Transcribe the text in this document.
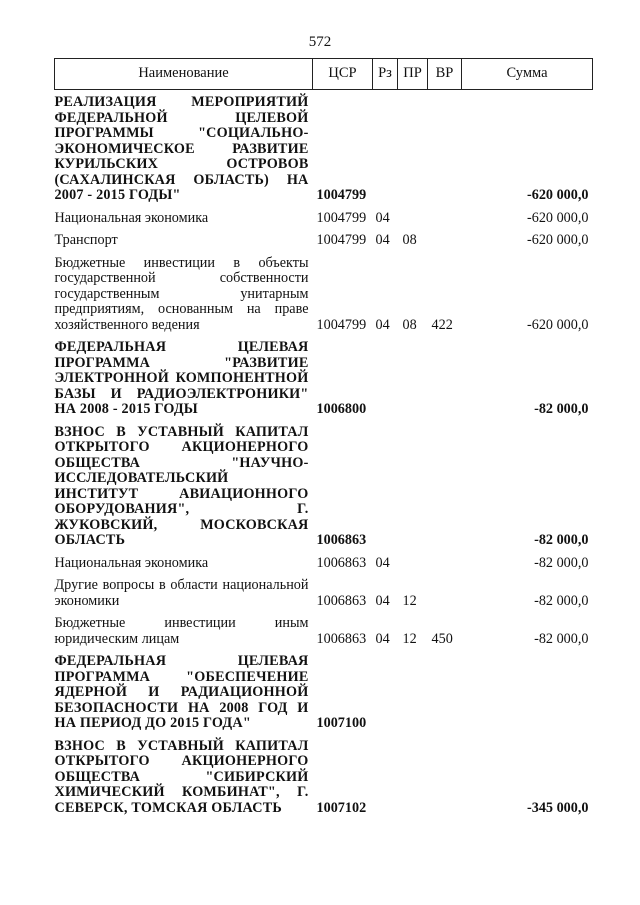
572
Наименование	ЦСР	Рз	ПР	ВР	Сумма
РЕАЛИЗАЦИЯ МЕРОПРИЯТИЙ ФЕДЕРАЛЬНОЙ ЦЕЛЕВОЙ ПРОГРАММЫ "СОЦИАЛЬНО-ЭКОНОМИЧЕСКОЕ РАЗВИТИЕ КУРИЛЬСКИХ ОСТРОВОВ (САХАЛИНСКАЯ ОБЛАСТЬ) НА 2007 - 2015 ГОДЫ"	1004799				-620 000,0
Национальная экономика	1004799	04			-620 000,0
Транспорт	1004799	04	08		-620 000,0
Бюджетные инвестиции в объекты государственной собственности государственным унитарным предприятиям, основанным на праве хозяйственного ведения	1004799	04	08	422	-620 000,0
ФЕДЕРАЛЬНАЯ ЦЕЛЕВАЯ ПРОГРАММА "РАЗВИТИЕ ЭЛЕКТРОННОЙ КОМПОНЕНТНОЙ БАЗЫ И РАДИОЭЛЕКТРОНИКИ" НА 2008 - 2015 ГОДЫ	1006800				-82 000,0
ВЗНОС В УСТАВНЫЙ КАПИТАЛ ОТКРЫТОГО АКЦИОНЕРНОГО ОБЩЕСТВА "НАУЧНО-ИССЛЕДОВАТЕЛЬСКИЙ ИНСТИТУТ АВИАЦИОННОГО ОБОРУДОВАНИЯ", Г. ЖУКОВСКИЙ, МОСКОВСКАЯ ОБЛАСТЬ	1006863				-82 000,0
Национальная экономика	1006863	04			-82 000,0
Другие вопросы в области национальной экономики	1006863	04	12		-82 000,0
Бюджетные инвестиции иным юридическим лицам	1006863	04	12	450	-82 000,0
ФЕДЕРАЛЬНАЯ ЦЕЛЕВАЯ ПРОГРАММА "ОБЕСПЕЧЕНИЕ ЯДЕРНОЙ И РАДИАЦИОННОЙ БЕЗОПАСНОСТИ НА 2008 ГОД И НА ПЕРИОД ДО 2015 ГОДА"	1007100				
ВЗНОС В УСТАВНЫЙ КАПИТАЛ ОТКРЫТОГО АКЦИОНЕРНОГО ОБЩЕСТВА "СИБИРСКИЙ ХИМИЧЕСКИЙ КОМБИНАТ", Г. СЕВЕРСК, ТОМСКАЯ ОБЛАСТЬ	1007102				-345 000,0
